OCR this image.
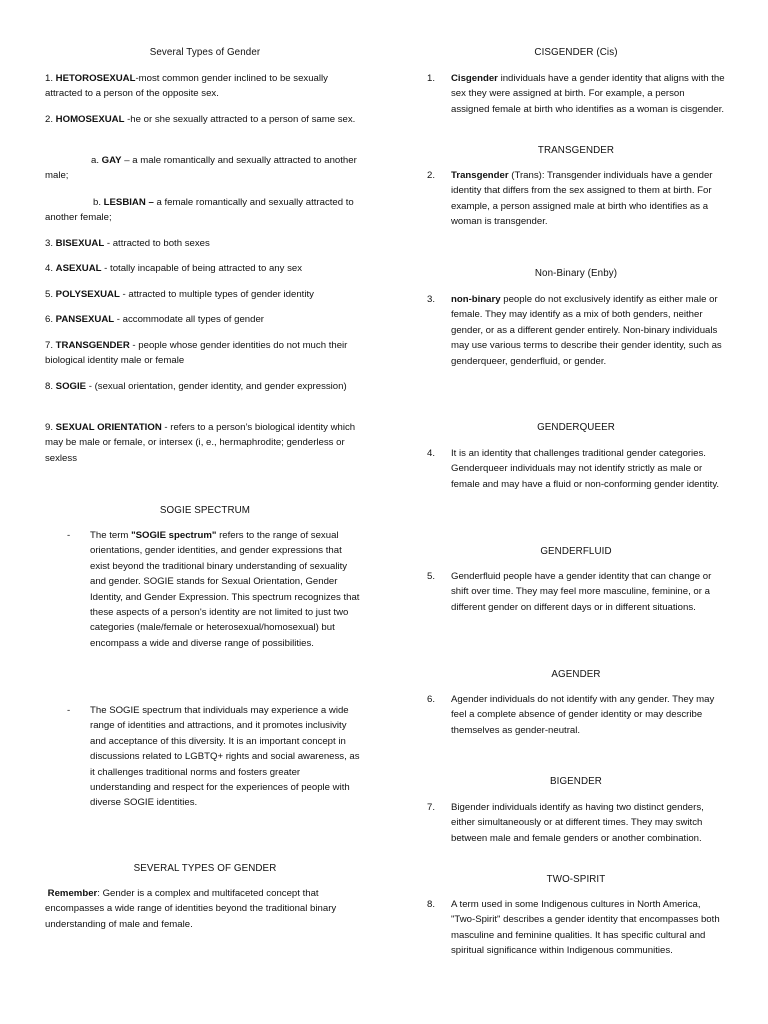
Several Types of Gender

1. HETOROSEXUAL-most common gender inclined to be sexually attracted to a person of the opposite sex.

2. HOMOSEXUAL -he or she sexually attracted to a person of same sex.

a. GAY – a male romantically and sexually attracted to another male;

b. LESBIAN – a female romantically and sexually attracted to another female;

3. BISEXUAL - attracted to both sexes

4. ASEXUAL - totally incapable of being attracted to any sex

5. POLYSEXUAL - attracted to multiple types of gender identity

6. PANSEXUAL - accommodate all types of gender

7. TRANSGENDER - people whose gender identities do not much their biological identity male or female

8. SOGIE - (sexual orientation, gender identity, and gender expression)

9. SEXUAL ORIENTATION - refers to a person’s biological identity which may be male or female, or intersex (i, e., hermaphrodite; genderless or sexless

SOGIE SPECTRUM
- The term "SOGIE spectrum" refers to the range of sexual orientations, gender identities, and gender expressions that exist beyond the traditional binary understanding of sexuality and gender. SOGIE stands for Sexual Orientation, Gender Identity, and Gender Expression. This spectrum recognizes that these aspects of a person's identity are not limited to just two categories (male/female or heterosexual/homosexual) but encompass a wide and diverse range of possibilities.
- The SOGIE spectrum that individuals may experience a wide range of identities and attractions, and it promotes inclusivity and acceptance of this diversity. It is an important concept in discussions related to LGBTQ+ rights and social awareness, as it challenges traditional norms and fosters greater understanding and respect for the experiences of people with diverse SOGIE identities.
SEVERAL TYPES OF GENDER

Remember: Gender is a complex and multifaceted concept that encompasses a wide range of identities beyond the traditional binary understanding of male and female.

CISGENDER (Cis)
1. Cisgender individuals have a gender identity that aligns with the sex they were assigned at birth. For example, a person assigned female at birth who identifies as a woman is cisgender.
TRANSGENDER
2. Transgender (Trans): Transgender individuals have a gender identity that differs from the sex assigned to them at birth. For example, a person assigned male at birth who identifies as a woman is transgender.
Non-Binary (Enby)
3. non-binary people do not exclusively identify as either male or female. They may identify as a mix of both genders, neither gender, or as a different gender entirely. Non-binary individuals may use various terms to describe their gender identity, such as genderqueer, genderfluid, or gender.
GENDERQUEER
4. It is an identity that challenges traditional gender categories. Genderqueer individuals may not identify strictly as male or female and may have a fluid or non-conforming gender identity.
GENDERFLUID
5. Genderfluid people have a gender identity that can change or shift over time. They may feel more masculine, feminine, or a different gender on different days or in different situations.
AGENDER
6. Agender individuals do not identify with any gender. They may feel a complete absence of gender identity or may describe themselves as gender-neutral.
BIGENDER
7. Bigender individuals identify as having two distinct genders, either simultaneously or at different times. They may switch between male and female genders or another combination.
TWO-SPIRIT
8. A term used in some Indigenous cultures in North America, "Two-Spirit" describes a gender identity that encompasses both masculine and feminine qualities. It has specific cultural and spiritual significance within Indigenous communities.
